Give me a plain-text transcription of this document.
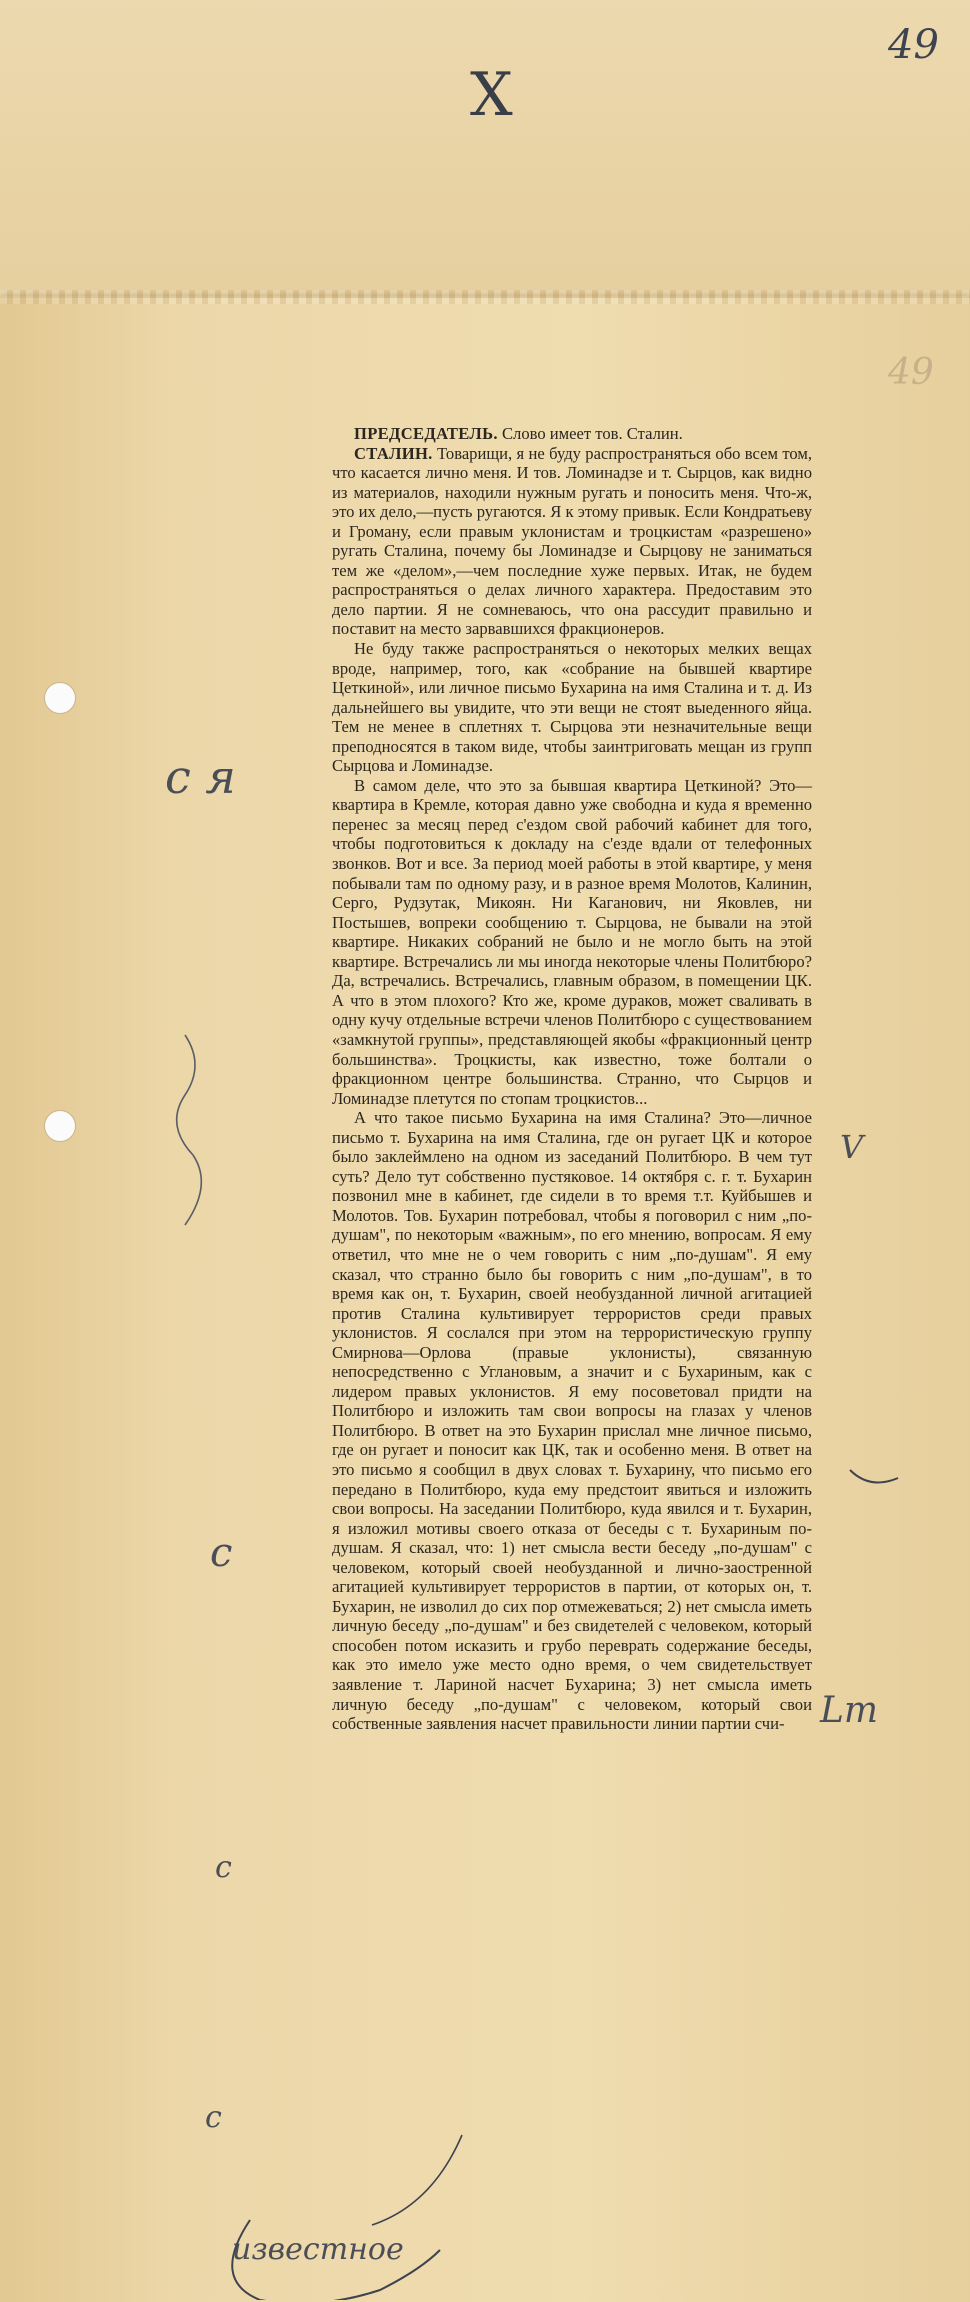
49
49
X
с я
с
с
с
V
Lm
известное

ПРЕДСЕДАТЕЛЬ. Слово имеет тов. Сталин.

СТАЛИН. Товарищи, я не буду распространяться обо всем том, что касается лично меня. И тов. Ломинадзе и т. Сырцов, как видно из материалов, находили нужным ругать и поносить меня. Что-ж, это их дело,—пусть ругаются. Я к этому привык. Если Кондратьеву и Громану, если правым уклонистам и троцкистам «разрешено» ругать Сталина, почему бы Ломинадзе и Сырцову не заниматься тем же «делом»,—чем последние хуже первых. Итак, не будем распространяться о делах личного характера. Предоставим это дело партии. Я не сомневаюсь, что она рассудит правильно и поставит на место зарвавшихся фракционеров.

Не буду также распространяться о некоторых мелких вещах вроде, например, того, как «собрание на бывшей квартире Цеткиной», или личное письмо Бухарина на имя Сталина и т. д. Из дальнейшего вы увидите, что эти вещи не стоят выеденного яйца. Тем не менее в сплетнях т. Сырцова эти незначительные вещи преподносятся в таком виде, чтобы заинтриговать мещан из групп Сырцова и Ломинадзе.

В самом деле, что это за бывшая квартира Цеткиной? Это—квартира в Кремле, которая давно уже свободна и куда я временно перенес за месяц перед с'ездом свой рабочий кабинет для того, чтобы подготовиться к докладу на с'езде вдали от телефонных звонков. Вот и все. За период моей работы в этой квартире, у меня побывали там по одному разу, и в разное время Молотов, Калинин, Серго, Рудзутак, Микоян. Ни Каганович, ни Яковлев, ни Постышев, вопреки сообщению т. Сырцова, не бывали на этой квартире. Никаких собраний не было и не могло быть на этой квартире. Встречались ли мы иногда некоторые члены Политбюро? Да, встречались. Встречались, главным образом, в помещении ЦК. А что в этом плохого? Кто же, кроме дураков, может сваливать в одну кучу отдельные встречи членов Политбюро с существованием «замкнутой группы», представляющей якобы «фракционный центр большинства». Троцкисты, как известно, тоже болтали о фракционном центре большинства. Странно, что Сырцов и Ломинадзе плетутся по стопам троцкистов...

А что такое письмо Бухарина на имя Сталина? Это—личное письмо т. Бухарина на имя Сталина, где он ругает ЦК и которое было заклеймлено на одном из заседаний Политбюро. В чем тут суть? Дело тут собственно пустяковое. 14 октября с. г. т. Бухарин позвонил мне в кабинет, где сидели в то время т.т. Куйбышев и Молотов. Тов. Бухарин потребовал, чтобы я поговорил с ним „по-душам", по некоторым «важным», по его мнению, вопросам. Я ему ответил, что мне не о чем говорить с ним „по-душам". Я ему сказал, что странно было бы говорить с ним „по-душам", в то время как он, т. Бухарин, своей необузданной личной агитацией против Сталина культивирует террористов среди правых уклонистов. Я сослался при этом на террористическую группу Смирнова—Орлова (правые уклонисты), связанную непосредственно с Углановым, а значит и с Бухариным, как с лидером правых уклонистов. Я ему посоветовал придти на Политбюро и изложить там свои вопросы на глазах у членов Политбюро. В ответ на это Бухарин прислал мне личное письмо, где он ругает и поносит как ЦК, так и особенно меня. В ответ на это письмо я сообщил в двух словах т. Бухарину, что письмо его передано в Политбюро, куда ему предстоит явиться и изложить свои вопросы. На заседании Политбюро, куда явился и т. Бухарин, я изложил мотивы своего отказа от беседы с т. Бухариным по-душам. Я сказал, что: 1) нет смысла вести беседу „по-душам" с человеком, который своей необузданной и лично-заостренной агитацией культивирует террористов в партии, от которых он, т. Бухарин, не изволил до сих пор отмежеваться; 2) нет смысла иметь личную беседу „по-душам" и без свидетелей с человеком, который способен потом исказить и грубо переврать содержание беседы, как это имело уже место одно время, о чем свидетельствует заявление т. Лариной насчет Бухарина; 3) нет смысла иметь личную беседу „по-душам" с человеком, который свои собственные заявления насчет правильности линии партии счи-
